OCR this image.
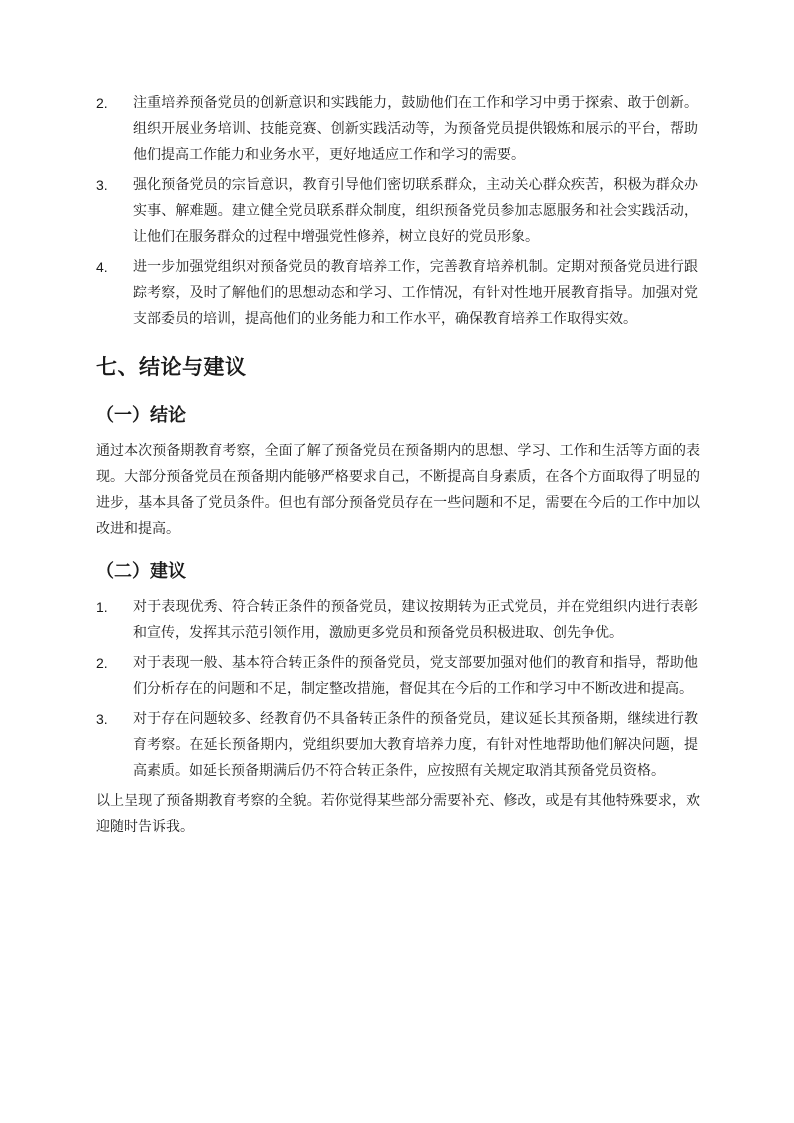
2.	注重培养预备党员的创新意识和实践能力，鼓励他们在工作和学习中勇于探索、敢于创新。组织开展业务培训、技能竞赛、创新实践活动等，为预备党员提供锻炼和展示的平台，帮助他们提高工作能力和业务水平，更好地适应工作和学习的需要。
3.	强化预备党员的宗旨意识，教育引导他们密切联系群众，主动关心群众疾苦，积极为群众办实事、解难题。建立健全党员联系群众制度，组织预备党员参加志愿服务和社会实践活动，让他们在服务群众的过程中增强党性修养，树立良好的党员形象。
4.	进一步加强党组织对预备党员的教育培养工作，完善教育培养机制。定期对预备党员进行跟踪考察，及时了解他们的思想动态和学习、工作情况，有针对性地开展教育指导。加强对党支部委员的培训，提高他们的业务能力和工作水平，确保教育培养工作取得实效。
七、结论与建议
（一）结论

通过本次预备期教育考察，全面了解了预备党员在预备期内的思想、学习、工作和生活等方面的表现。大部分预备党员在预备期内能够严格要求自己，不断提高自身素质，在各个方面取得了明显的进步，基本具备了党员条件。但也有部分预备党员存在一些问题和不足，需要在今后的工作中加以改进和提高。

（二）建议
1.	对于表现优秀、符合转正条件的预备党员，建议按期转为正式党员，并在党组织内进行表彰和宣传，发挥其示范引领作用，激励更多党员和预备党员积极进取、创先争优。
2.	对于表现一般、基本符合转正条件的预备党员，党支部要加强对他们的教育和指导，帮助他们分析存在的问题和不足，制定整改措施，督促其在今后的工作和学习中不断改进和提高。
3.	对于存在问题较多、经教育仍不具备转正条件的预备党员，建议延长其预备期，继续进行教育考察。在延长预备期内，党组织要加大教育培养力度，有针对性地帮助他们解决问题，提高素质。如延长预备期满后仍不符合转正条件，应按照有关规定取消其预备党员资格。

以上呈现了预备期教育考察的全貌。若你觉得某些部分需要补充、修改，或是有其他特殊要求，欢迎随时告诉我。
